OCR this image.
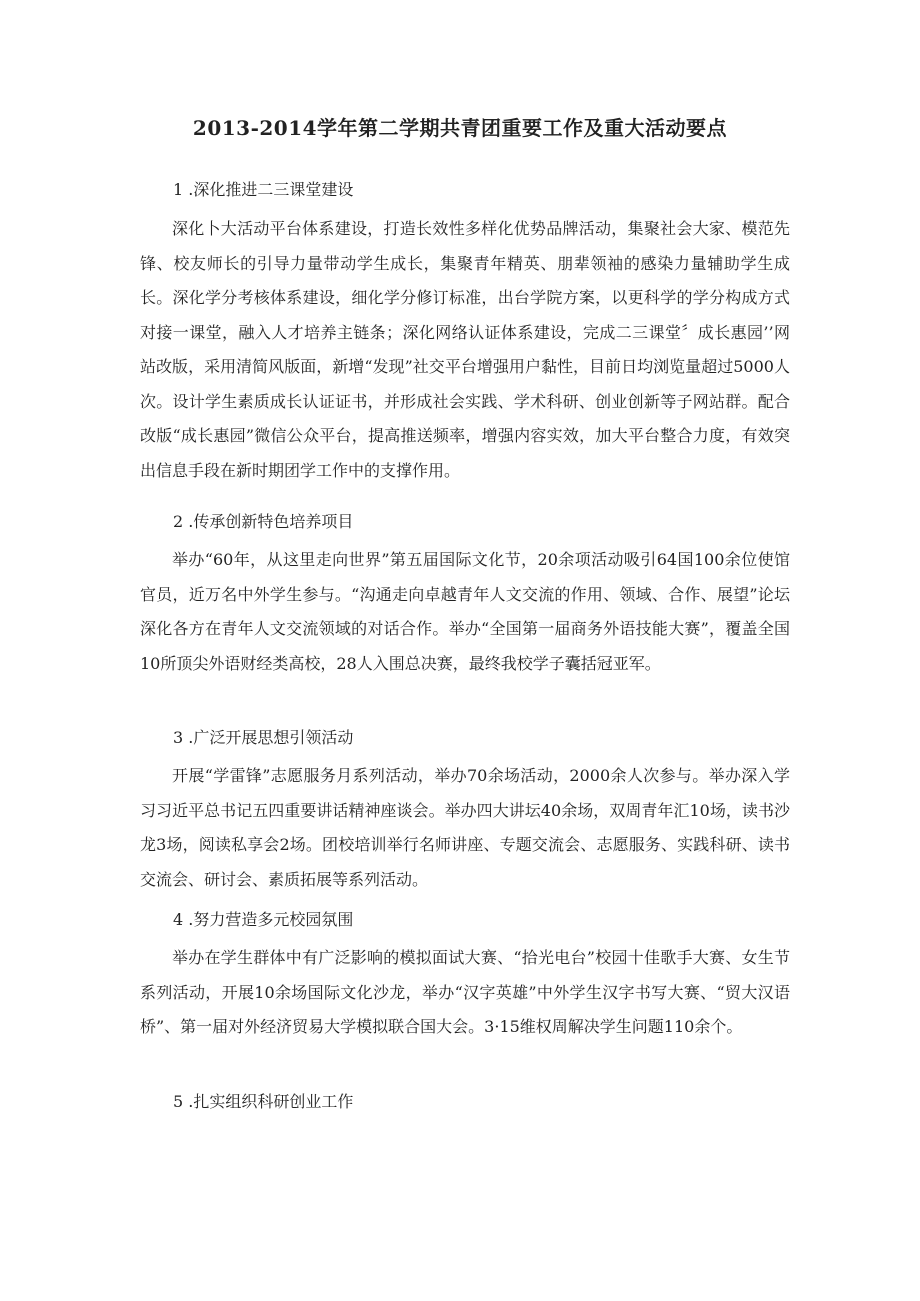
2013-2014学年第二学期共青团重要工作及重大活动要点
1 .深化推进二三课堂建设

深化卜大活动平台体系建设，打造长效性多样化优势品牌活动，集聚社会大家、模范先锋、校友师长的引导力量带动学生成长，集聚青年精英、朋辈领袖的感染力量辅助学生成长。深化学分考核体系建设，细化学分修订标准，出台学院方案，以更科学的学分构成方式对接一课堂，融入人才培养主链条；深化网络认证体系建设，完成二三课堂〞成长惠园’’网站改版，采用清简风版面，新增“发现”社交平台增强用户黏性，目前日均浏览量超过5000人次。设计学生素质成长认证证书，并形成社会实践、学术科研、创业创新等子网站群。配合改版“成长惠园”微信公众平台，提高推送频率，增强内容实效，加大平台整合力度，有效突出信息手段在新时期团学工作中的支撑作用。

2 .传承创新特色培养项目

举办“60年，从这里走向世界”第五届国际文化节，20余项活动吸引64国100余位使馆官员，近万名中外学生参与。“沟通走向卓越青年人文交流的作用、领域、合作、展望”论坛深化各方在青年人文交流领域的对话合作。举办“全国第一届商务外语技能大赛”，覆盖全国10所顶尖外语财经类高校，28人入围总决赛，最终我校学子囊括冠亚军。

3 .广泛开展思想引领活动

开展“学雷锋”志愿服务月系列活动，举办70余场活动，2000余人次参与。举办深入学习习近平总书记五四重要讲话精神座谈会。举办四大讲坛40余场，双周青年汇10场，读书沙龙3场，阅读私享会2场。团校培训举行名师讲座、专题交流会、志愿服务、实践科研、读书交流会、研讨会、素质拓展等系列活动。

4 .努力营造多元校园氛围

举办在学生群体中有广泛影响的模拟面试大赛、“拾光电台”校园十佳歌手大赛、女生节系列活动，开展10余场国际文化沙龙，举办“汉字英雄”中外学生汉字书写大赛、“贸大汉语桥”、第一届对外经济贸易大学模拟联合国大会。3·15维权周解决学生问题110余个。

5 .扎实组织科研创业工作
